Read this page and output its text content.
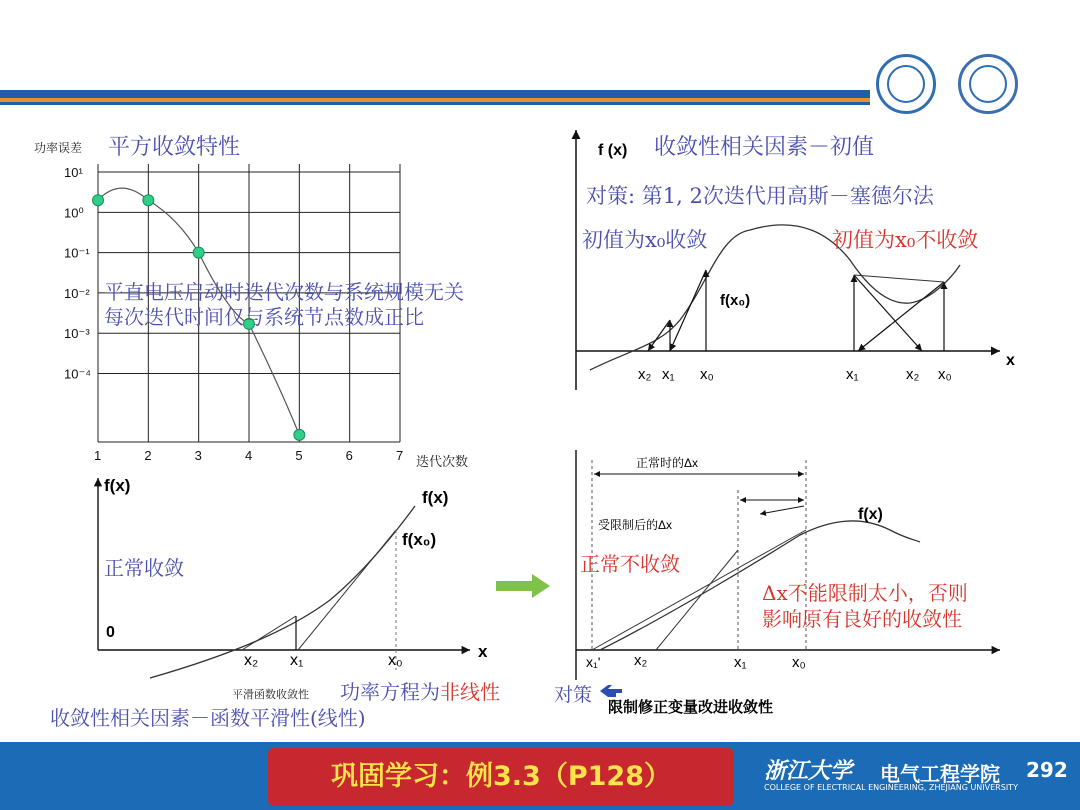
功率误差 平方收敛特性
10¹
10⁰
10⁻¹
10⁻²
10⁻³
10⁻⁴
1	2	3	4	5	6	7 迭代次数
平直电压启动时迭代次数与系统规模无关
每次迭代时间仅与系统节点数成正比
f (x) 收敛性相关因素－初值
对策: 第1, 2次迭代用高斯－塞德尔法
初值为x₀收敛	初值为x₀不收敛
f(x₀)
x
x₂ x₁ x₀	x₁	x₂ x₀
f(x)
f(x)
f(x₀)
正常收敛
0
x
x₂ x₁	x₀
平滑函数收敛性 功率方程为非线性
收敛性相关因素－函数平滑性(线性)
正常时的Δx
受限制后的Δx
f(x)
正常不收敛
Δx不能限制太小，否则
影响原有良好的收敛性
x₁' x₂	x₁	x₀
对策
限制修正变量改进收敛性
巩固学习：例3.3（P128）	浙江大学 电气工程学院
COLLEGE OF ELECTRICAL ENGINEERING, ZHEJIANG UNIVERSITY
292
